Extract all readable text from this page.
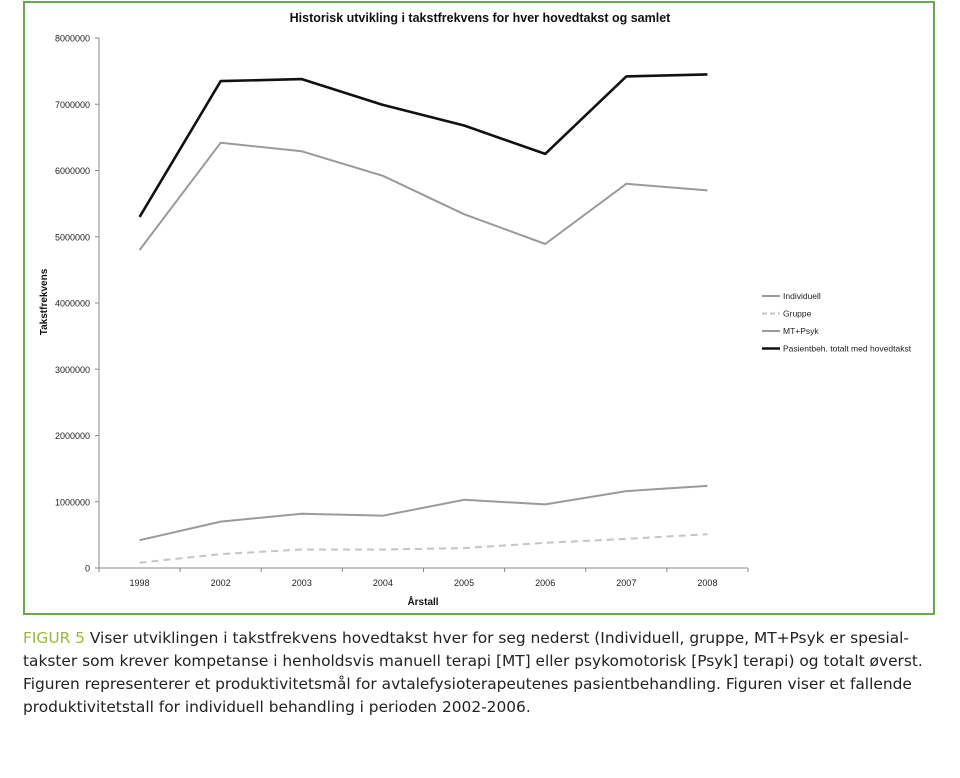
Historisk utvikling i takstfrekvens for hver hovedtakst og samlet
Takstfrekvens
Årstall
0
1000000
2000000
3000000
4000000
5000000
6000000
7000000
8000000
1998	2002	2003	2004	2005	2006	2007	2008
Individuell
Gruppe
MT+Psyk
Pasientbeh. totalt med hovedtakst
FIGUR 5 Viser utviklingen i takstfrekvens hovedtakst hver for seg nederst (Individuell, gruppe, MT+Psyk er spesial-takster som krever kompetanse i henholdsvis manuell terapi [MT] eller psykomotorisk [Psyk] terapi) og totalt øverst. Figuren representerer et produktivitetsmål for avtalefysioterapeutenes pasientbehandling. Figuren viser et fallende produktivitetstall for individuell behandling i perioden 2002-2006.
